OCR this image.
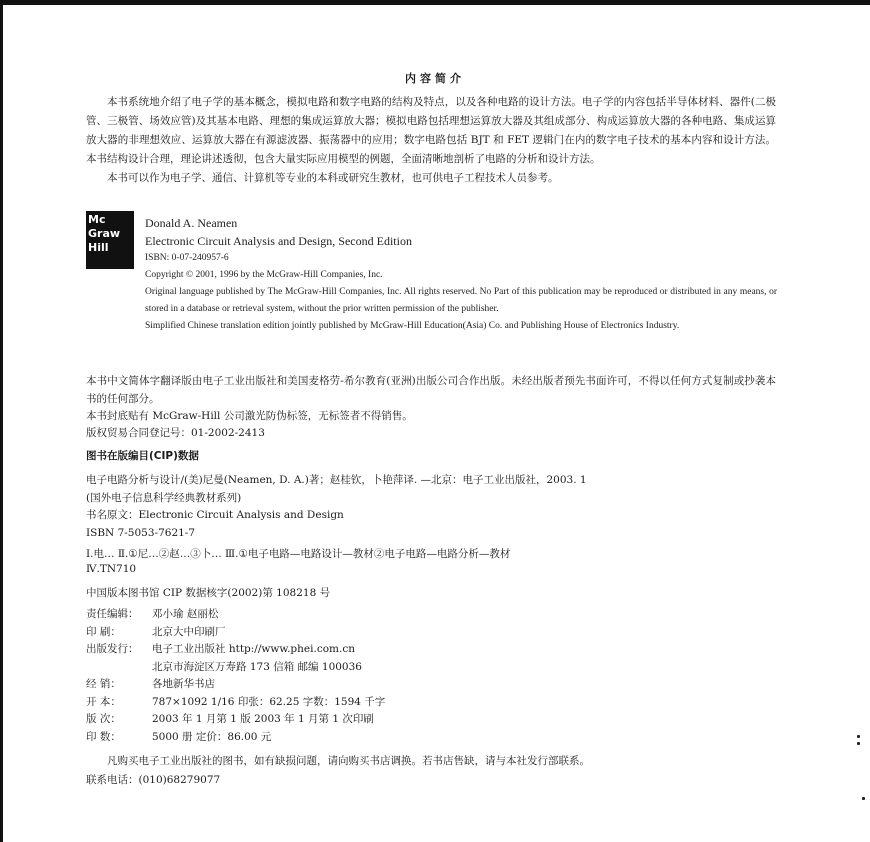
内容简介

本书系统地介绍了电子学的基本概念，模拟电路和数字电路的结构及特点，以及各种电路的设计方法。电子学的内容包括半导体材料、器件(二极管、三极管、场效应管)及其基本电路、理想的集成运算放大器；模拟电路包括理想运算放大器及其组成部分、构成运算放大器的各种电路、集成运算放大器的非理想效应、运算放大器在有源滤波器、振荡器中的应用；数字电路包括 BJT 和 FET 逻辑门在内的数字电子技术的基本内容和设计方法。本书结构设计合理，理论讲述透彻，包含大量实际应用模型的例题，全面清晰地剖析了电路的分析和设计方法。

本书可以作为电子学、通信、计算机等专业的本科或研究生教材，也可供电子工程技术人员参考。

Mc
Graw
Hill

Donald A. Neamen

Electronic Circuit Analysis and Design, Second Edition

ISBN: 0-07-240957-6

Copyright © 2001, 1996 by the McGraw-Hill Companies, Inc.

Original language published by The McGraw-Hill Companies, Inc. All rights reserved. No Part of this publication may be reproduced or distributed in any means, or stored in a database or retrieval system, without the prior written permission of the publisher.

Simplified Chinese translation edition jointly published by McGraw-Hill Education(Asia) Co. and Publishing House of Electronics Industry.

本书中文简体字翻译版由电子工业出版社和美国麦格劳-希尔教育(亚洲)出版公司合作出版。未经出版者预先书面许可，不得以任何方式复制或抄袭本书的任何部分。

本书封底贴有 McGraw-Hill 公司激光防伪标签，无标签者不得销售。

版权贸易合同登记号：01-2002-2413

图书在版编目(CIP)数据

电子电路分析与设计/(美)尼曼(Neamen, D. A.)著；赵桂钦，卜艳萍译. —北京：电子工业出版社，2003. 1

(国外电子信息科学经典教材系列)

书名原文：Electronic Circuit Analysis and Design

ISBN 7-5053-7621-7

Ⅰ.电… Ⅱ.①尼…②赵…③卜… Ⅲ.①电子电路—电路设计—教材②电子电路—电路分析—教材

Ⅳ.TN710

中国版本图书馆 CIP 数据核字(2002)第 108218 号
责任编辑：	邓小瑜 赵丽松
印 刷：	北京大中印刷厂
出版发行：	电子工业出版社 http://www.phei.com.cn
北京市海淀区万寿路 173 信箱 邮编 100036
经 销：	各地新华书店
开 本：	787×1092 1/16 印张：62.25 字数：1594 千字
版 次：	2003 年 1 月第 1 版 2003 年 1 月第 1 次印刷
印 数：	5000 册 定价：86.00 元

凡购买电子工业出版社的图书，如有缺损问题，请向购买书店调换。若书店售缺，请与本社发行部联系。

联系电话：(010)68279077
